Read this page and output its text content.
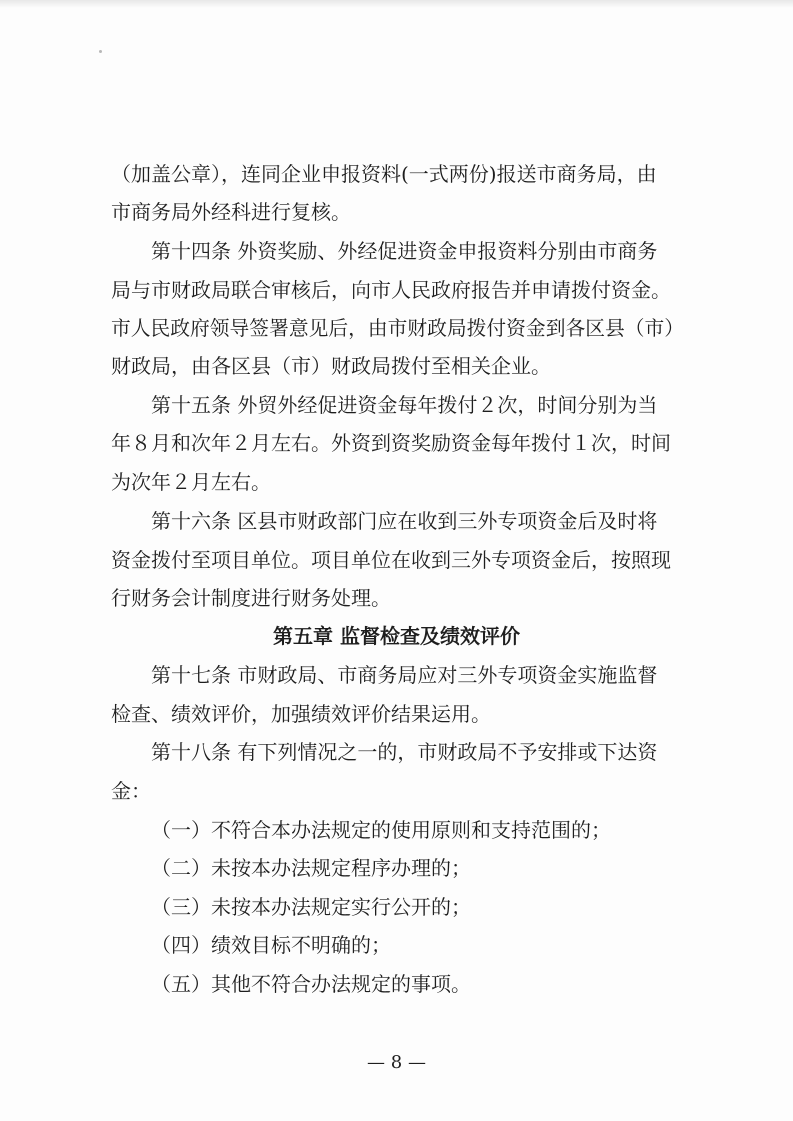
（加盖公章），连同企业申报资料(一式两份)报送市商务局，由
市商务局外经科进行复核。
第十四条 外资奖励、外经促进资金申报资料分别由市商务
局与市财政局联合审核后，向市人民政府报告并申请拨付资金。
市人民政府领导签署意见后，由市财政局拨付资金到各区县（市）
财政局，由各区县（市）财政局拨付至相关企业。
第十五条 外贸外经促进资金每年拨付２次，时间分别为当
年８月和次年２月左右。外资到资奖励资金每年拨付１次，时间
为次年２月左右。
第十六条 区县市财政部门应在收到三外专项资金后及时将
资金拨付至项目单位。项目单位在收到三外专项资金后，按照现
行财务会计制度进行财务处理。
第五章 监督检查及绩效评价
第十七条 市财政局、市商务局应对三外专项资金实施监督
检查、绩效评价，加强绩效评价结果运用。
第十八条 有下列情况之一的，市财政局不予安排或下达资
金：
（一）不符合本办法规定的使用原则和支持范围的；
（二）未按本办法规定程序办理的；
（三）未按本办法规定实行公开的；
（四）绩效目标不明确的；
（五）其他不符合办法规定的事项。
— 8 —
